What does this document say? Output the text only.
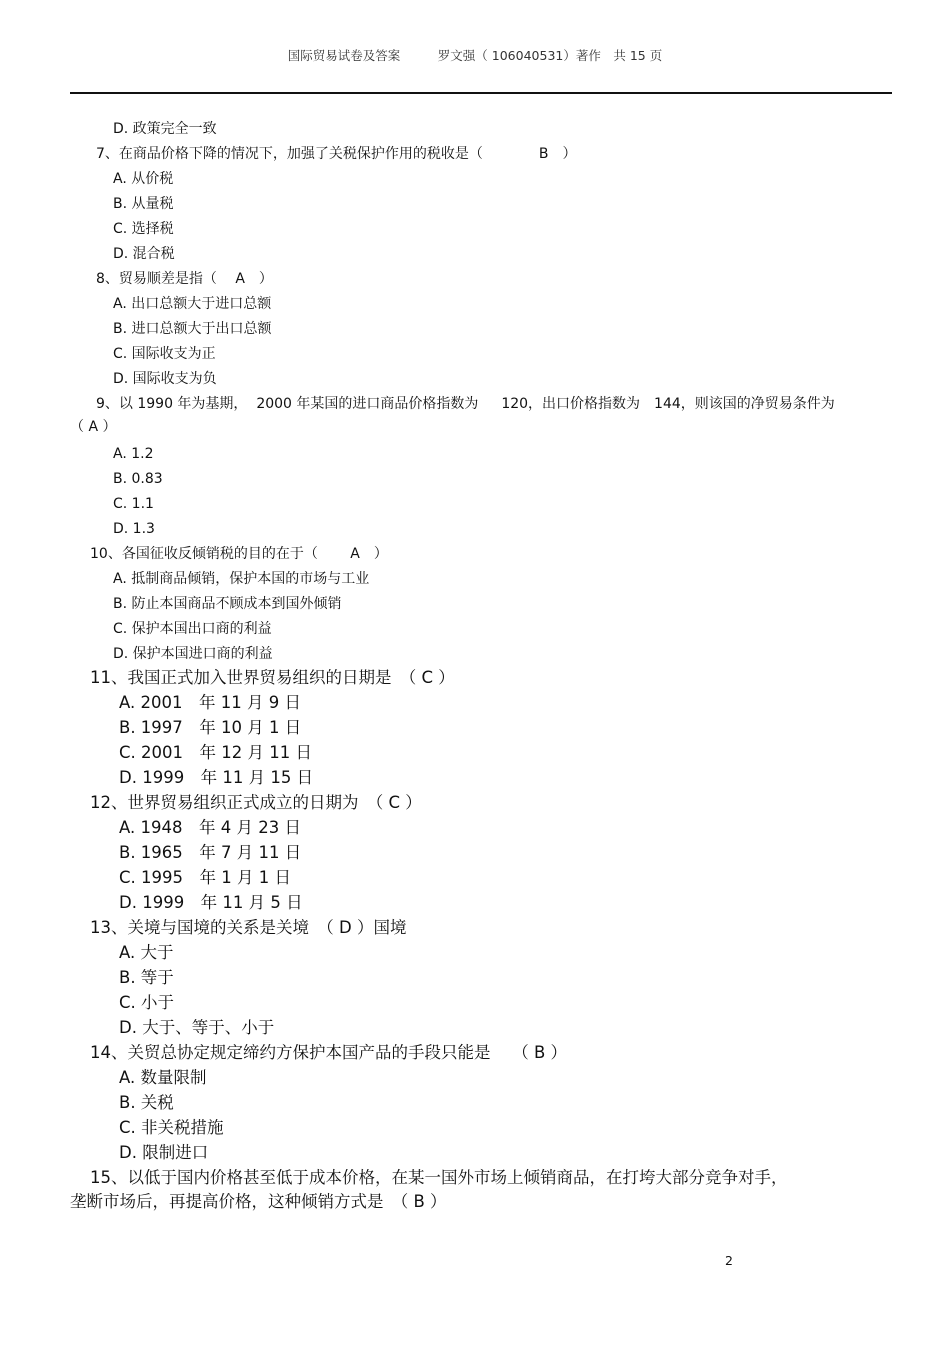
国际贸易试卷及答案　　　罗文强（ 106040531）著作　共 15 页
D. 政策完全一致
7、在商品价格下降的情况下，加强了关税保护作用的税收是（　　　　B　）
A. 从价税
B. 从量税
C. 选择税
D. 混合税
8、贸易顺差是指（　 A　）
A. 出口总额大于进口总额
B. 进口总额大于出口总额
C. 国际收支为正
D. 国际收支为负
9、以 1990 年为基期，  2000 年某国的进口商品价格指数为　  120，出口价格指数为　144，则该国的净贸易条件为
（ A ）
A. 1.2
B. 0.83
C. 1.1
D. 1.3
10、各国征收反倾销税的目的在于（　　 A　）
A. 抵制商品倾销，保护本国的市场与工业
B. 防止本国商品不顾成本到国外倾销
C. 保护本国出口商的利益
D. 保护本国进口商的利益
11、我国正式加入世界贸易组织的日期是　（ C ）
A. 2001　年 11 月 9 日
B. 1997　年 10 月 1 日
C. 2001　年 12 月 11 日
D. 1999　年 11 月 15 日
12、世界贸易组织正式成立的日期为　（ C ）
A. 1948　年 4 月 23 日
B. 1965　年 7 月 11 日
C. 1995　年 1 月 1 日
D. 1999　年 11 月 5 日
13、关境与国境的关系是关境　（ D ）国境
A. 大于
B. 等于
C. 小于
D. 大于、等于、小于
14、关贸总协定规定缔约方保护本国产品的手段只能是　 （ B ）
A. 数量限制
B. 关税
C. 非关税措施
D. 限制进口
15、以低于国内价格甚至低于成本价格，在某一国外市场上倾销商品，在打垮大部分竞争对手，
垄断市场后，再提高价格，这种倾销方式是　（ B ）
2
